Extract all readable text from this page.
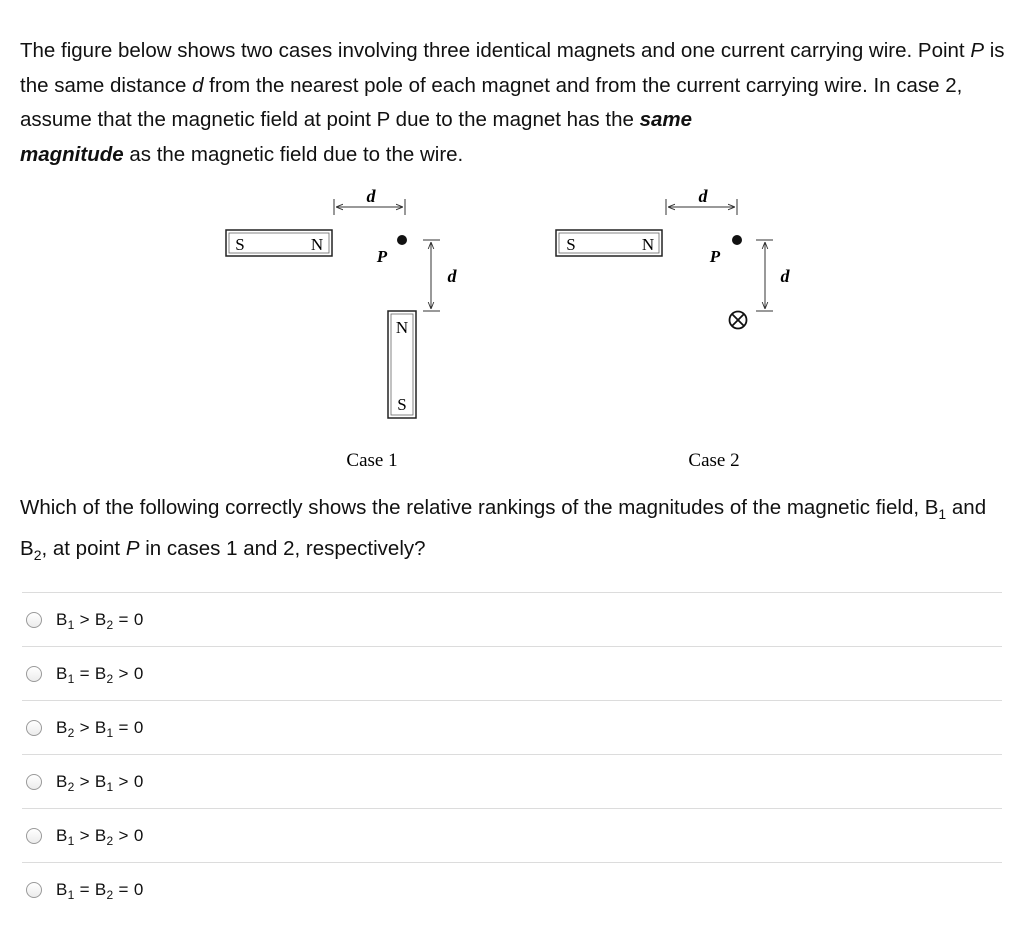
The figure below shows two cases involving three identical magnets and one current carrying wire. Point P is the same distance d from the nearest pole of each magnet and from the current carrying wire. In case 2, assume that the magnetic field at point P due to the magnet has the same
magnitude as the magnetic field due to the wire.

S	N
d
P
d
N
S
Case 1
S	N
d
P
d
Case 2

Which of the following correctly shows the relative rankings of the magnitudes of the magnetic field, $B_1$ and $B_2$, at point P in cases 1 and 2, respectively?

$B_1 > B_2 = 0$
$B_1 = B_2 > 0$
$B_2 > B_1 = 0$
$B_2 > B_1 > 0$
$B_1 > B_2 > 0$
$B_1 = B_2 = 0$
